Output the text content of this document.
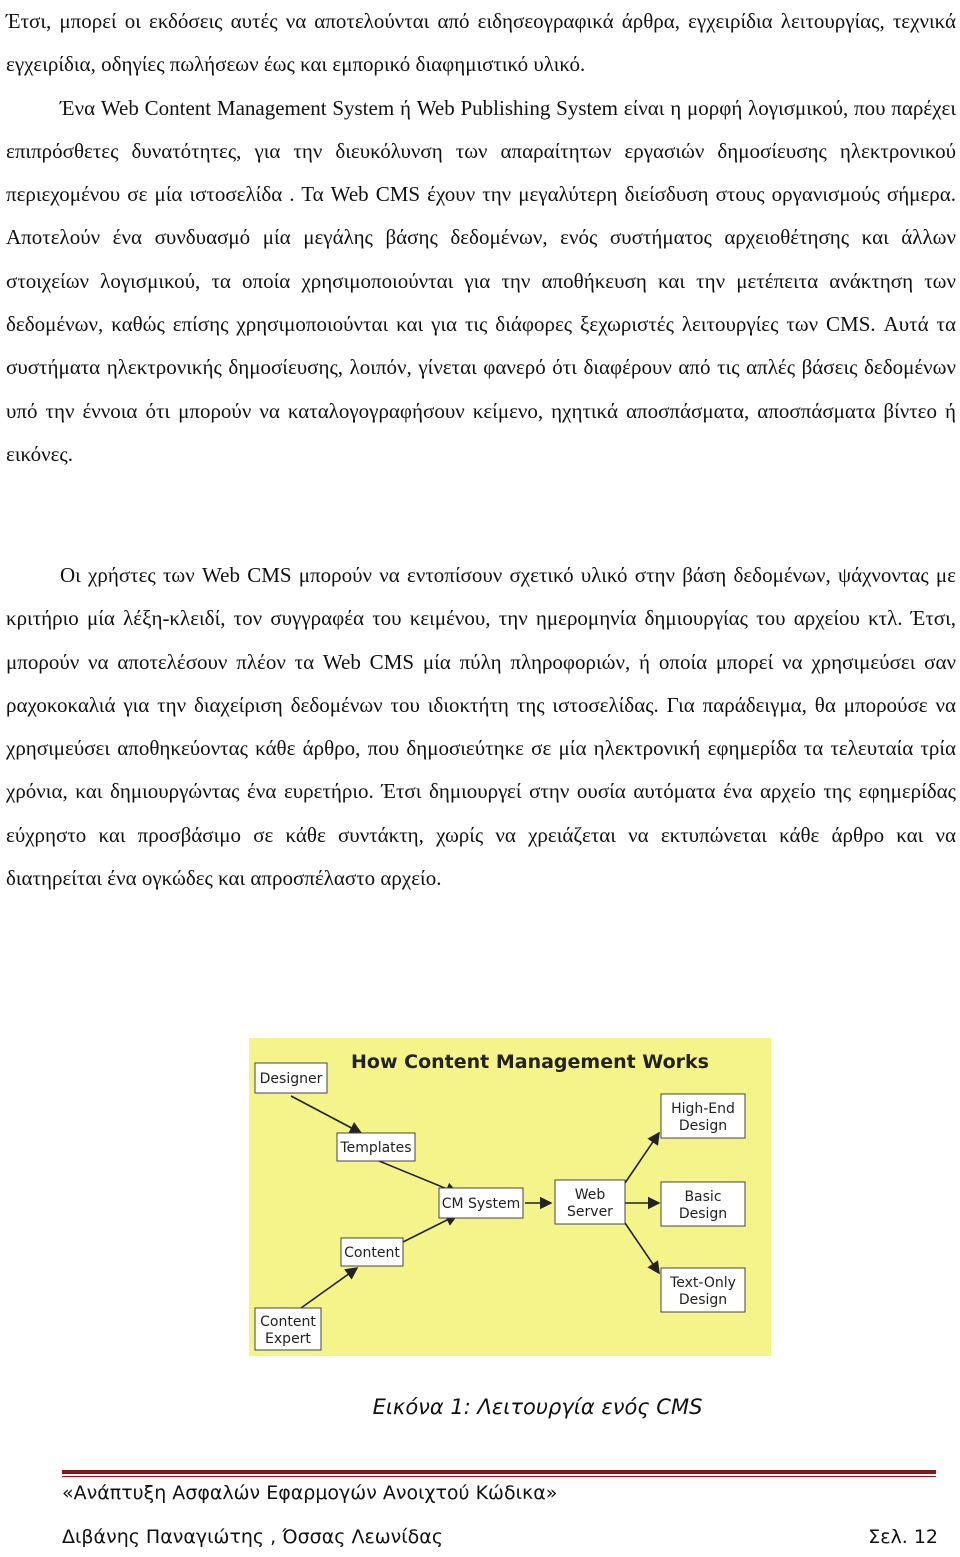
Έτσι, μπορεί οι εκδόσεις αυτές να αποτελούνται από ειδησεογραφικά άρθρα, εγχειρίδια λειτουργίας, τεχνικά εγχειρίδια, οδηγίες πωλήσεων έως και εμπορικό διαφημιστικό υλικό.
Ένα Web Content Management System ή Web Publishing System είναι η μορφή λογισμικού, που παρέχει επιπρόσθετες δυνατότητες, για την διευκόλυνση των απαραίτητων εργασιών δημοσίευσης ηλεκτρονικού περιεχομένου σε μία ιστοσελίδα . Τα Web CMS έχουν την μεγαλύτερη διείσδυση στους οργανισμούς σήμερα. Αποτελούν ένα συνδυασμό μία μεγάλης βάσης δεδομένων, ενός συστήματος αρχειοθέτησης και άλλων στοιχείων λογισμικού, τα οποία χρησιμοποιούνται για την αποθήκευση και την μετέπειτα ανάκτηση των δεδομένων, καθώς επίσης χρησιμοποιούνται και για τις διάφορες ξεχωριστές λειτουργίες των CMS. Αυτά τα συστήματα ηλεκτρονικής δημοσίευσης, λοιπόν, γίνεται φανερό ότι διαφέρουν από τις απλές βάσεις δεδομένων υπό την έννοια ότι μπορούν να καταλογογραφήσουν κείμενο, ηχητικά αποσπάσματα, αποσπάσματα βίντεο ή εικόνες.

Οι χρήστες των Web CMS μπορούν να εντοπίσουν σχετικό υλικό στην βάση δεδομένων, ψάχνοντας με κριτήριο μία λέξη-κλειδί, τον συγγραφέα του κειμένου, την ημερομηνία δημιουργίας του αρχείου κτλ. Έτσι, μπορούν να αποτελέσουν πλέον τα Web CMS μία πύλη πληροφοριών, ή οποία μπορεί να χρησιμεύσει σαν ραχοκοκαλιά για την διαχείριση δεδομένων του ιδιοκτήτη της ιστοσελίδας. Για παράδειγμα, θα μπορούσε να χρησιμεύσει αποθηκεύοντας κάθε άρθρο, που δημοσιεύτηκε σε μία ηλεκτρονική εφημερίδα τα τελευταία τρία χρόνια, και δημιουργώντας ένα ευρετήριο. Έτσι δημιουργεί στην ουσία αυτόματα ένα αρχείο της εφημερίδας εύχρηστο και προσβάσιμο σε κάθε συντάκτη, χωρίς να χρειάζεται να εκτυπώνεται κάθε άρθρο και να διατηρείται ένα ογκώδες και απροσπέλαστο αρχείο.

How Content Management Works
Designer
Templates
Content
Content
Expert
CM System
Web
Server
High-End
Design
Basic
Design
Text-Only
Design

Εικόνα 1: Λειτουργία ενός CMS

«Ανάπτυξη Ασφαλών Εφαρμογών Ανοιχτού Κώδικα»

Διβάνης Παναγιώτης , Όσσας Λεωνίδας	Σελ. 12
